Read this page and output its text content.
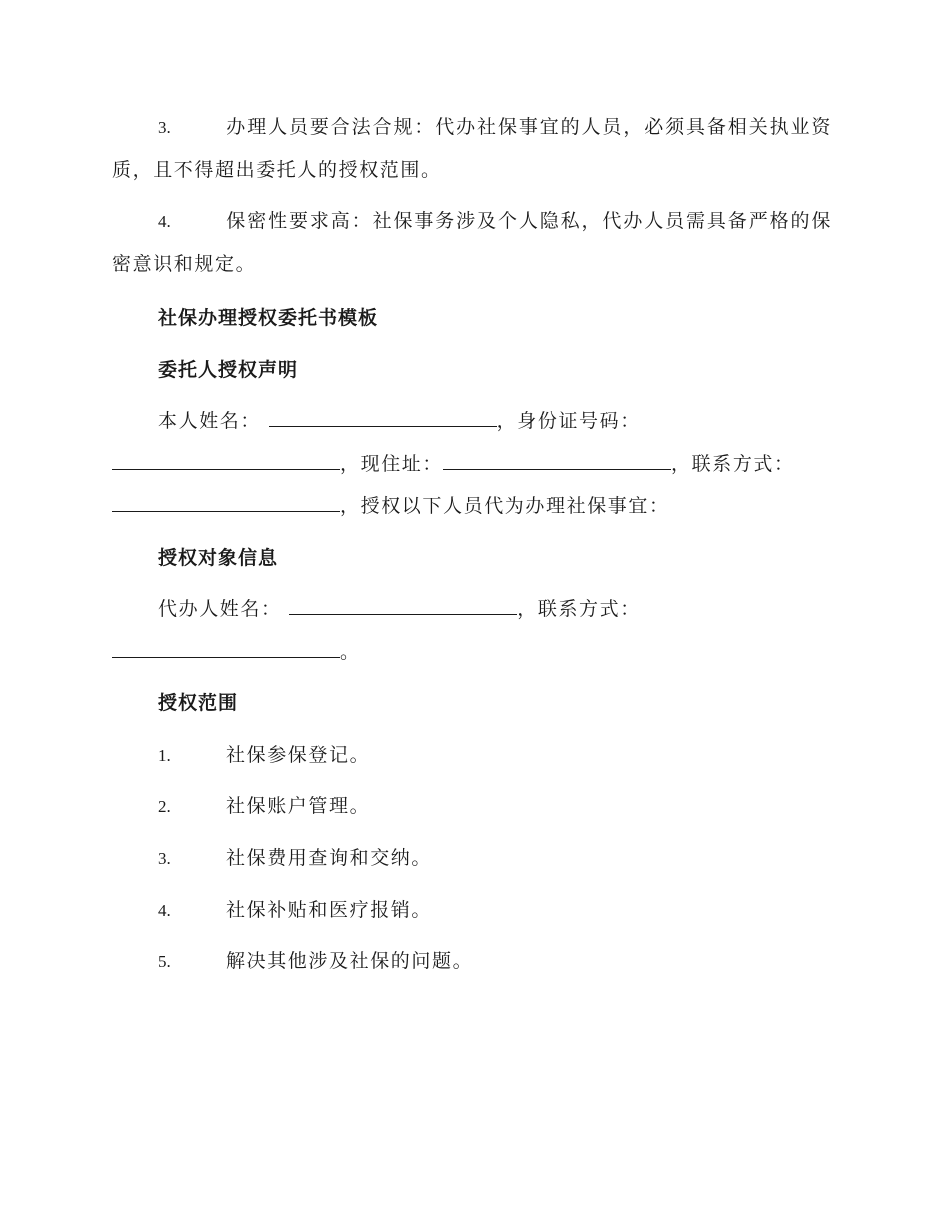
3.	办理人员要合法合规：代办社保事宜的人员，必须具备相关执业资质，且不得超出委托人的授权范围。
4.	保密性要求高：社保事务涉及个人隐私，代办人员需具备严格的保密意识和规定。
社保办理授权委托书模板
委托人授权声明
本人姓名：	，身份证号码：
，现住址：	，联系方式：
，授权以下人员代为办理社保事宜：
授权对象信息
代办人姓名：	，联系方式：
。
授权范围
1.	社保参保登记。
2.	社保账户管理。
3.	社保费用查询和交纳。
4.	社保补贴和医疗报销。
5.	解决其他涉及社保的问题。
